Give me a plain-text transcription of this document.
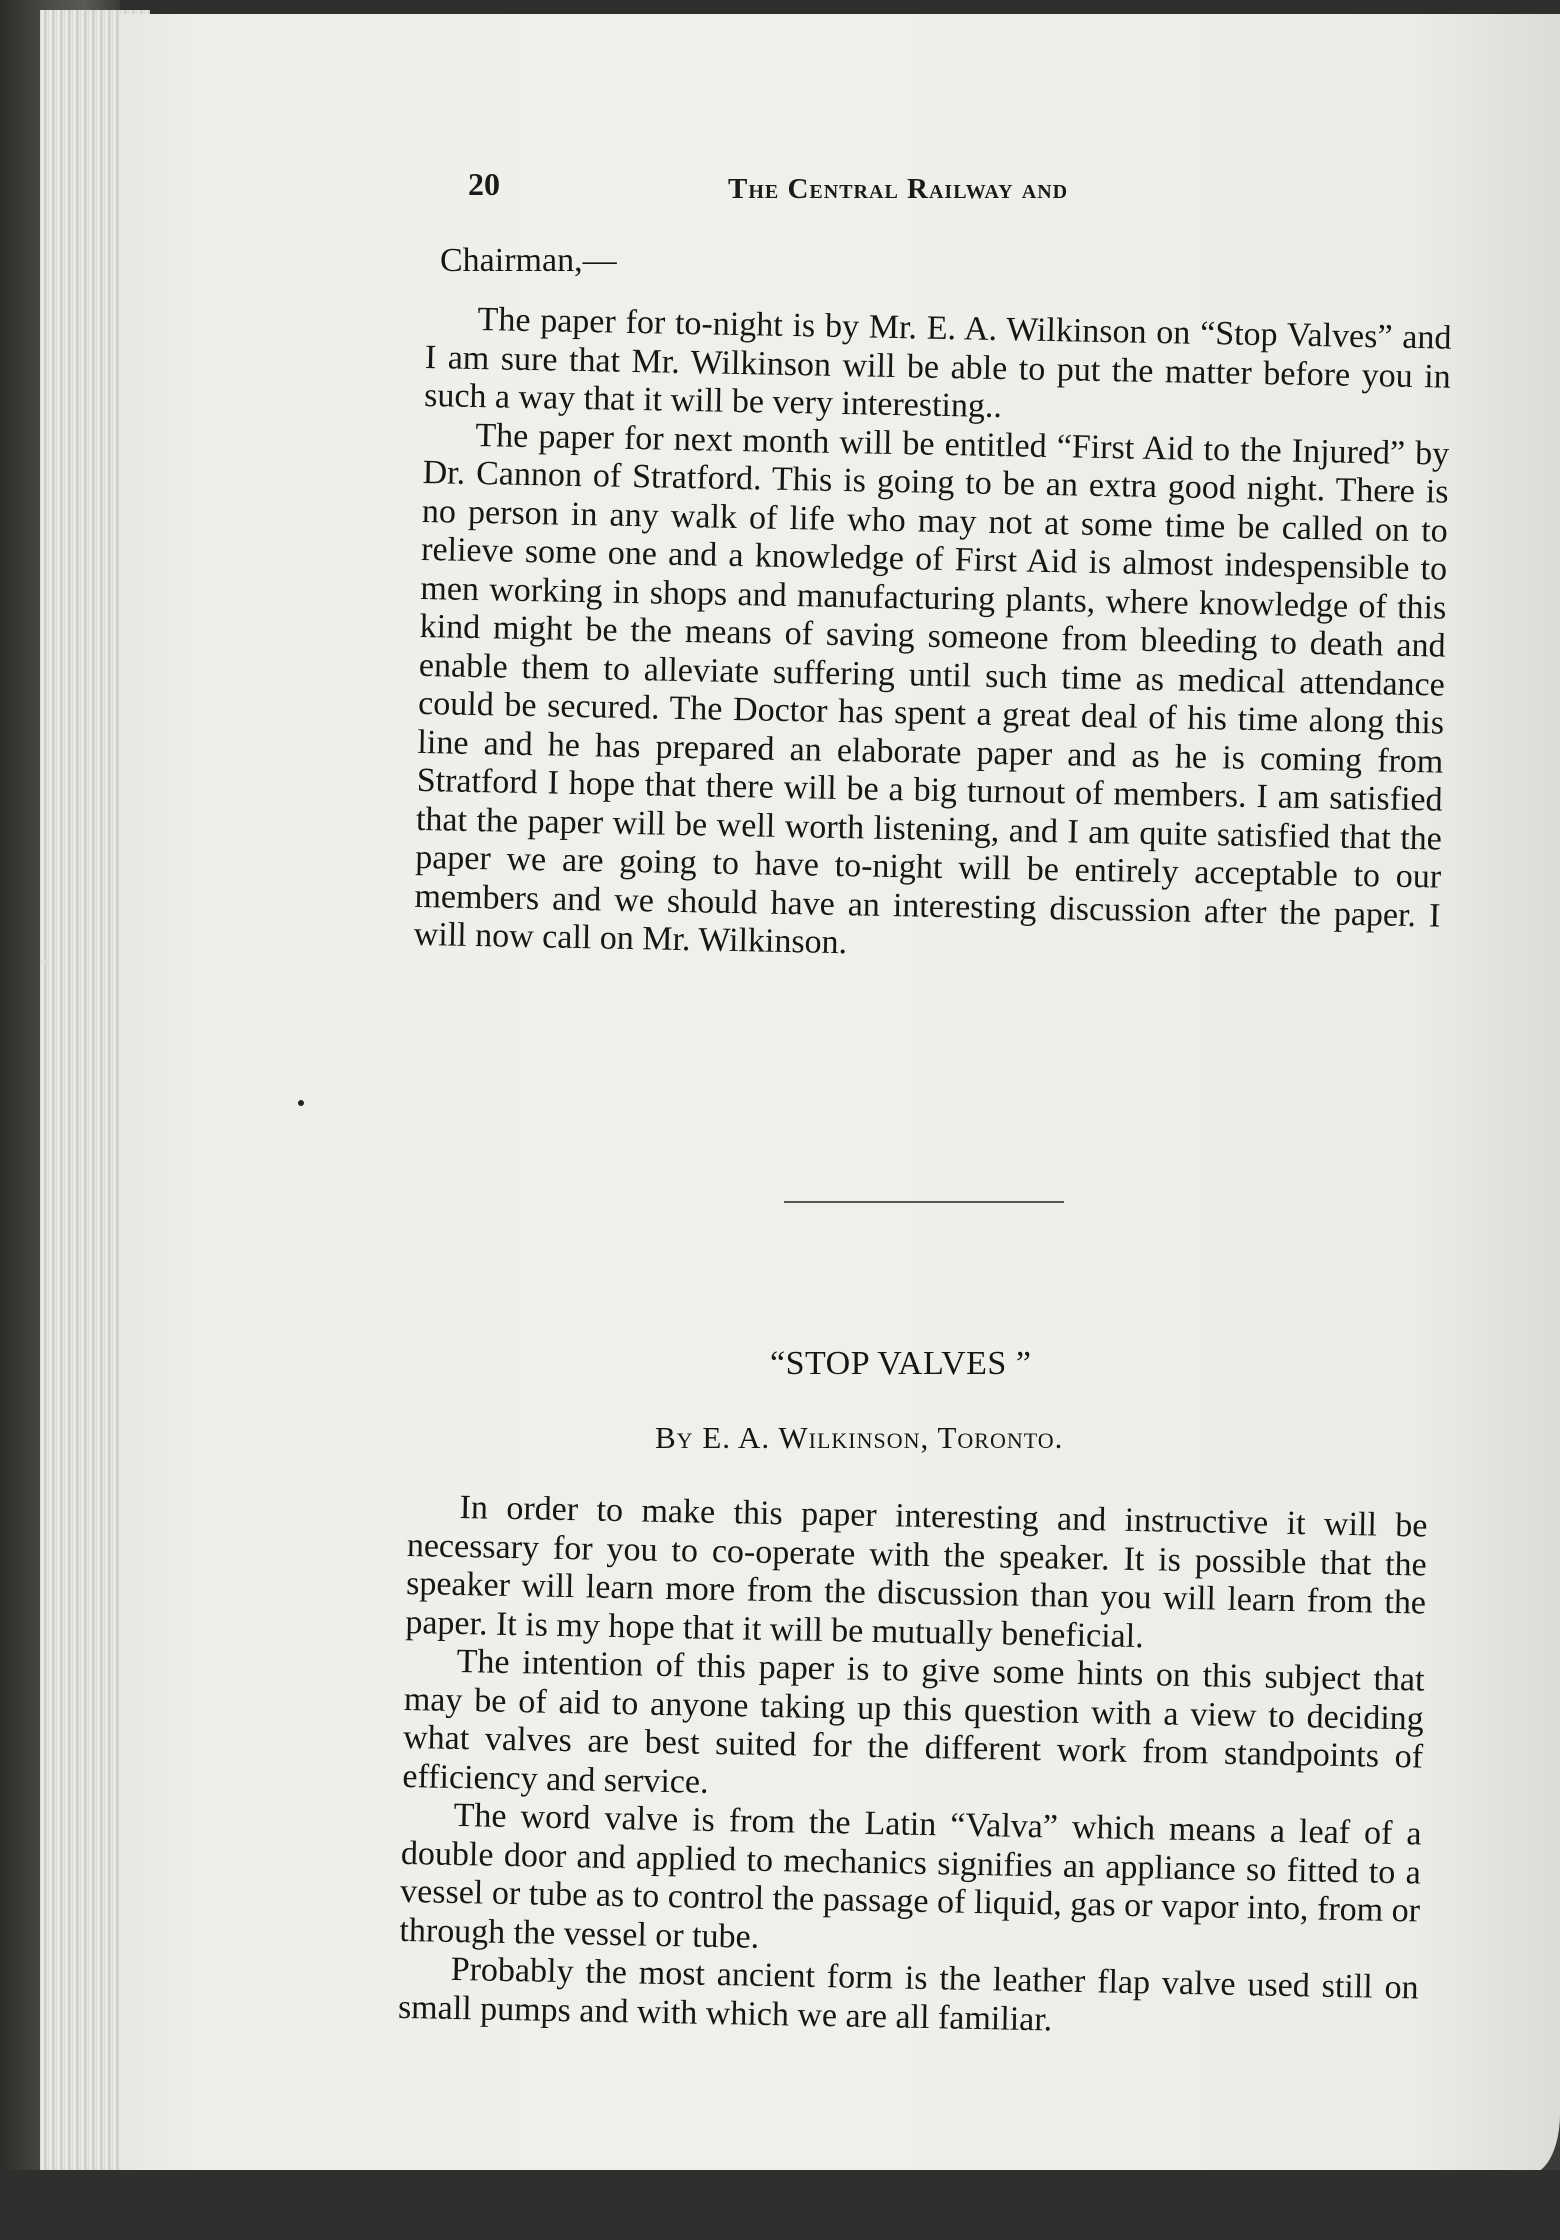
20	The Central Railway and

Chairman,—

The paper for to-night is by Mr. E. A. Wilkinson on “Stop Valves” and I am sure that Mr. Wilkinson will be able to put the matter before you in such a way that it will be very interesting..

The paper for next month will be entitled “First Aid to the Injured” by Dr. Cannon of Stratford. This is going to be an extra good night. There is no person in any walk of life who may not at some time be called on to relieve some one and a knowledge of First Aid is almost indespensible to men working in shops and manufacturing plants, where knowledge of this kind might be the means of saving someone from bleeding to death and enable them to alleviate suffering until such time as medical attendance could be secured. The Doctor has spent a great deal of his time along this line and he has prepared an elaborate paper and as he is coming from Stratford I hope that there will be a big turnout of members. I am satisfied that the paper will be well worth listening, and I am quite satisfied that the paper we are going to have to-night will be entirely acceptable to our members and we should have an interesting discussion after the paper. I will now call on Mr. Wilkinson.

“STOP VALVES ”
By E. A. Wilkinson, Toronto.

In order to make this paper interesting and instructive it will be necessary for you to co-operate with the speaker. It is possible that the speaker will learn more from the discussion than you will learn from the paper. It is my hope that it will be mutually beneficial.

The intention of this paper is to give some hints on this subject that may be of aid to anyone taking up this question with a view to deciding what valves are best suited for the different work from standpoints of efficiency and service.

The word valve is from the Latin “Valva” which means a leaf of a double door and applied to mechanics signifies an appliance so fitted to a vessel or tube as to control the passage of liquid, gas or vapor into, from or through the vessel or tube.

Probably the most ancient form is the leather flap valve used still on small pumps and with which we are all familiar.
